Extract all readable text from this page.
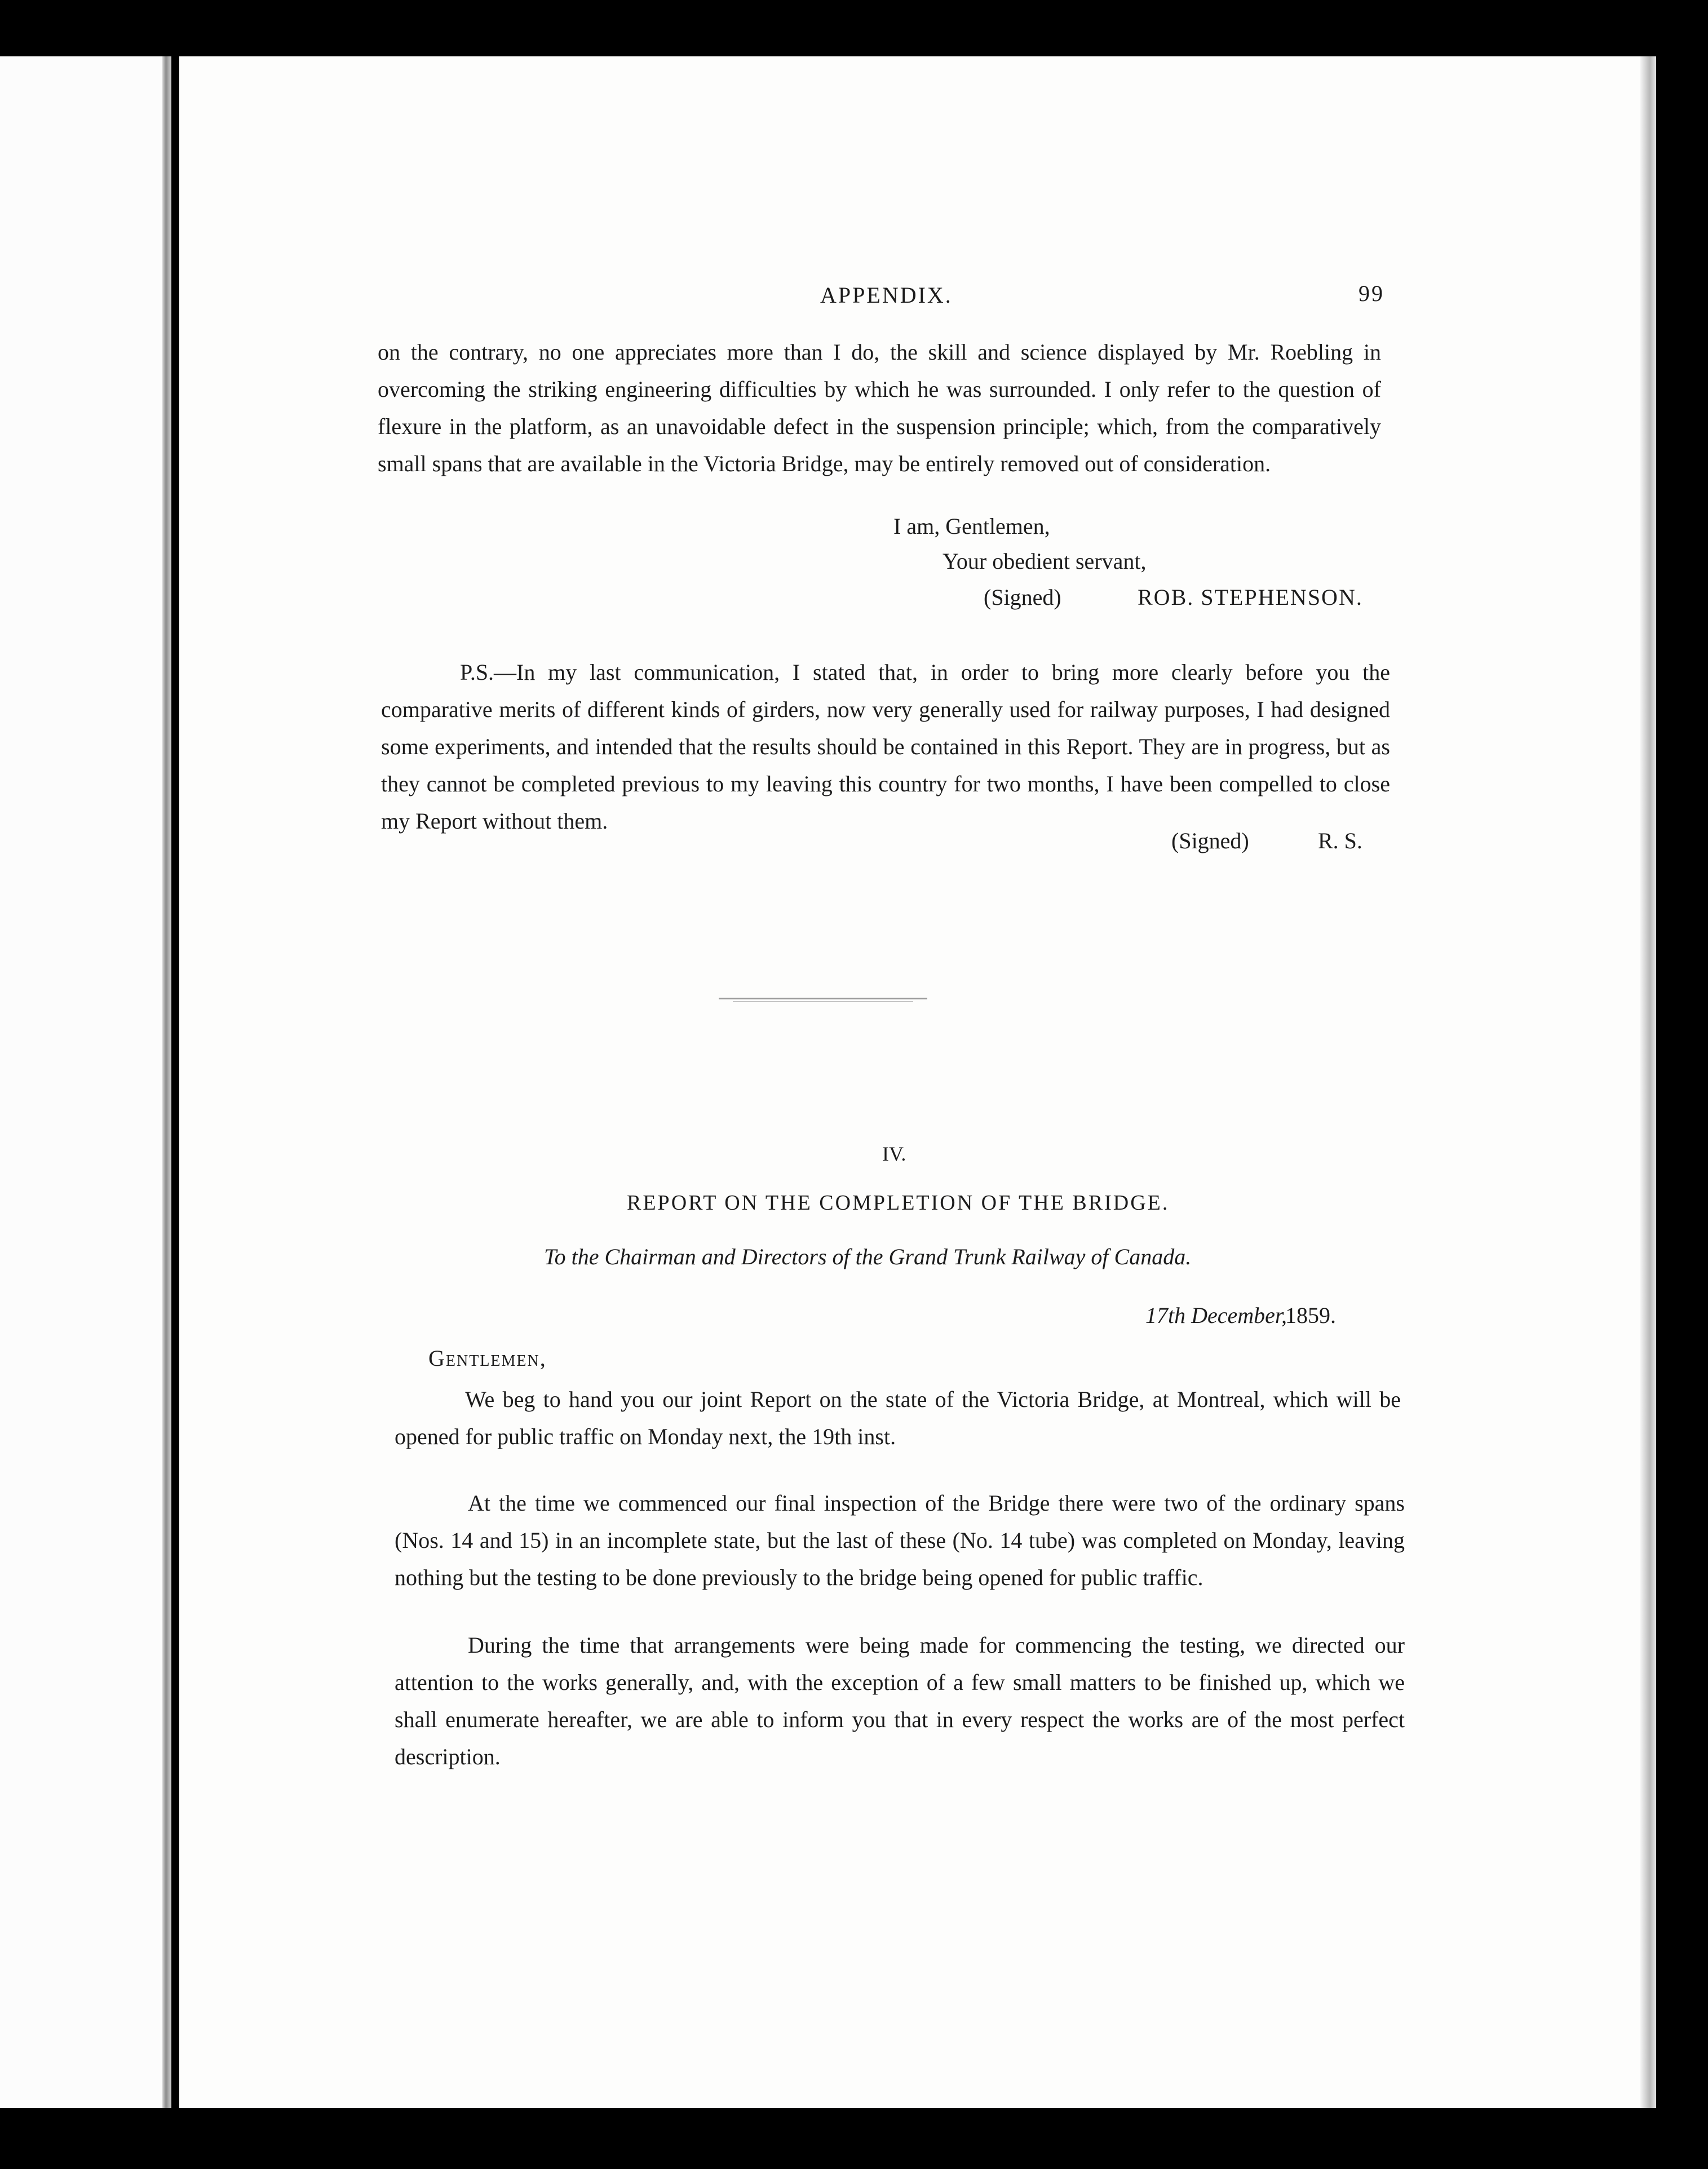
APPENDIX.	99
on the contrary, no one appreciates more than I do, the skill and science displayed by Mr. Roebling in overcoming the striking engineering difficulties by which he was surrounded. I only refer to the question of flexure in the platform, as an unavoidable defect in the suspension principle; which, from the comparatively small spans that are available in the Victoria Bridge, may be entirely removed out of consideration.
I am, Gentlemen,
Your obedient servant,
(Signed)	ROB. STEPHENSON.
P.S.—In my last communication, I stated that, in order to bring more clearly before you the comparative merits of different kinds of girders, now very generally used for railway purposes, I had designed some experiments, and intended that the results should be contained in this Report. They are in progress, but as they cannot be completed previous to my leaving this country for two months, I have been compelled to close my Report without them.
(Signed)	R. S.
IV.
REPORT ON THE COMPLETION OF THE BRIDGE.
To the Chairman and Directors of the Grand Trunk Railway of Canada.
17th December,
1859.
Gentlemen,
We beg to hand you our joint Report on the state of the Victoria Bridge, at Montreal, which will be opened for public traffic on Monday next, the 19th inst.
At the time we commenced our final inspection of the Bridge there were two of the ordinary spans (Nos. 14 and 15) in an incomplete state, but the last of these (No. 14 tube) was completed on Monday, leaving nothing but the testing to be done previously to the bridge being opened for public traffic.
During the time that arrangements were being made for commencing the testing, we directed our attention to the works generally, and, with the exception of a few small matters to be finished up, which we shall enumerate hereafter, we are able to inform you that in every respect the works are of the most perfect description.
